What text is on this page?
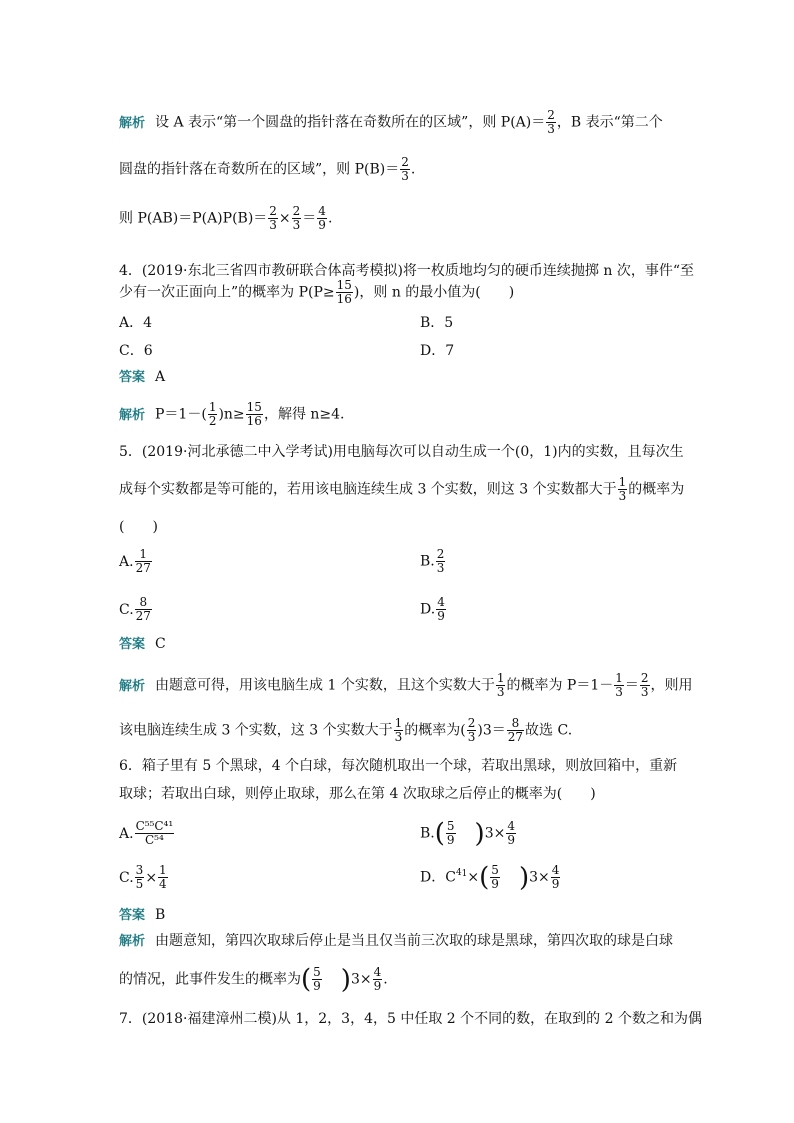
解析 设 A 表示“第一个圆盘的指针落在奇数所在的区域”，则 $P(A)= \frac{2}{3}$ ，B 表示“第二个
圆盘的指针落在奇数所在的区域”，则 $P(B)= \frac{2}{3}$ .
则 $P(AB)=P(A)P(B)= \frac{2}{3} \times \frac{2}{3} = \frac{4}{9}$ .
4．(2019·东北三省四市教研联合体高考模拟)将一枚质地均匀的硬币连续抛掷 n 次，事件“至
少有一次正面向上”的概率为 $P(P\ge \frac{15}{16}$ )，则 n 的最小值为(　　)
A．4	B．5
C．6	D．7
答案 A
解析 $P=1-( \frac{1}{2} )n\ge \frac{15}{16}$ ，解得 n≥4.
5．(2019·河北承德二中入学考试)用电脑每次可以自动生成一个(0，1)内的实数，且每次生
成每个实数都是等可能的，若用该电脑连续生成 3 个实数，则这 3 个实数都大于 $\frac{1}{3}$ 的概率为
(　　)
A. $\frac{1}{27}$	B. $\frac{2}{3}$
C. $\frac{8}{27}$	D. $\frac{4}{9}$
答案 C
解析 由题意可得，用该电脑生成 1 个实数，且这个实数大于 $\frac{1}{3}$ 的概率为 $P=1- \frac{1}{3} = \frac{2}{3}$ ，则用
该电脑连续生成 3 个实数，这 3 个实数大于 $\frac{1}{3}$ 的概率为( $\frac{2}{3} )3= \frac{8}{27}$ 故选 C.
6．箱子里有 5 个黑球，4 个白球，每次随机取出一个球，若取出黑球，则放回箱中，重新
取球；若取出白球，则停止取球，那么在第 4 次取球之后停止的概率为(　　)
A. $\frac{\text{C⁵⁵C⁴¹}}{\text{C⁵⁴}}$	$B.( \frac{5}{9} )3\times \frac{4}{9}$
C. $\frac{3}{5} \times \frac{1}{4}$	D．$C^{41}\times( \frac{5}{9} )3\times \frac{4}{9}$
答案 B
解析 由题意知，第四次取球后停止是当且仅当前三次取的球是黑球，第四次取的球是白球
的情况，此事件发生的概率为( $\frac{5}{9} )3\times \frac{4}{9}$ .
7．(2018·福建漳州二模)从 1，2，3，4，5 中任取 2 个不同的数，在取到的 2 个数之和为偶
